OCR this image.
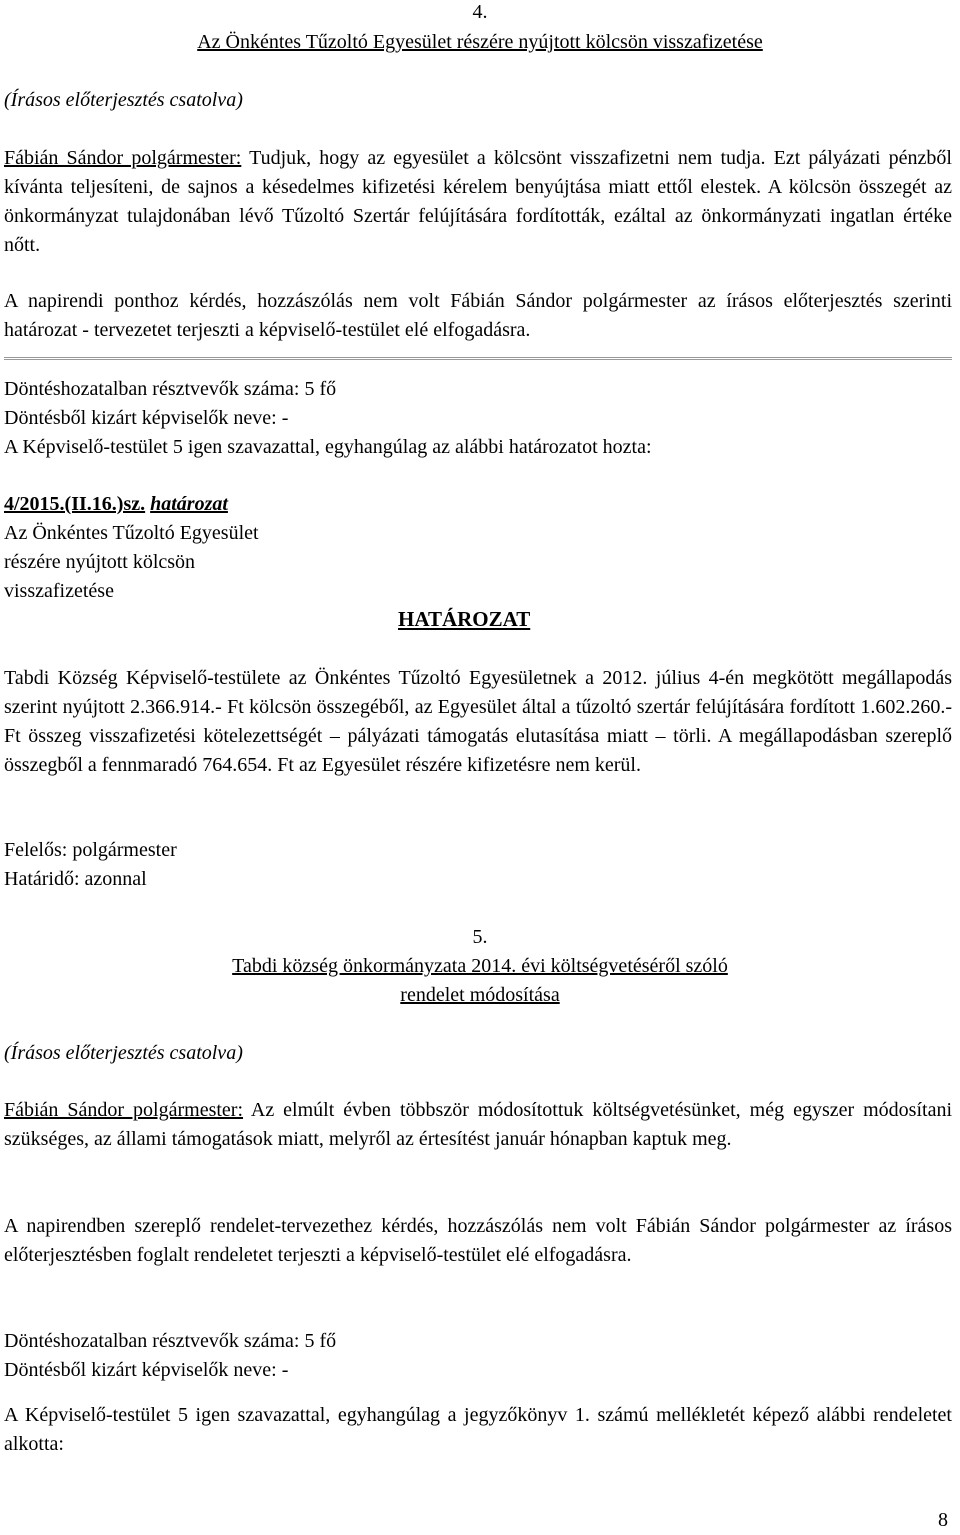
4.
Az Önkéntes Tűzoltó Egyesület részére nyújtott kölcsön visszafizetése
(Írásos előterjesztés csatolva)
Fábián Sándor polgármester: Tudjuk, hogy az egyesület a kölcsönt visszafizetni nem tudja. Ezt pályázati pénzből kívánta teljesíteni, de sajnos a késedelmes kifizetési kérelem benyújtása miatt ettől elestek. A kölcsön összegét az önkormányzat tulajdonában lévő Tűzoltó Szertár felújítására fordították, ezáltal az önkormányzati ingatlan értéke nőtt.
A napirendi ponthoz kérdés, hozzászólás nem volt Fábián Sándor polgármester az írásos előterjesztés szerinti határozat - tervezetet terjeszti a képviselő-testület elé elfogadásra.
Döntéshozatalban résztvevők száma: 5 fő
Döntésből kizárt képviselők neve: -
A Képviselő-testület 5 igen szavazattal, egyhangúlag az alábbi határozatot hozta:
4/2015.(II.16.)sz. határozat
Az Önkéntes Tűzoltó Egyesület
részére nyújtott kölcsön
visszafizetése
HATÁROZAT
Tabdi Község Képviselő-testülete az Önkéntes Tűzoltó Egyesületnek a 2012. július 4-én megkötött megállapodás szerint nyújtott 2.366.914.- Ft kölcsön összegéből, az Egyesület által a tűzoltó szertár felújítására fordított 1.602.260.- Ft összeg visszafizetési kötelezettségét – pályázati támogatás elutasítása miatt – törli. A megállapodásban szereplő összegből a fennmaradó 764.654. Ft az Egyesület részére kifizetésre nem kerül.
Felelős: polgármester
Határidő: azonnal
5.
Tabdi község önkormányzata 2014. évi költségvetéséről szóló
rendelet módosítása
(Írásos előterjesztés csatolva)
Fábián Sándor polgármester: Az elmúlt évben többször módosítottuk költségvetésünket, még egyszer módosítani szükséges, az állami támogatások miatt, melyről az értesítést január hónapban kaptuk meg.
A napirendben szereplő rendelet-tervezethez kérdés, hozzászólás nem volt Fábián Sándor polgármester az írásos előterjesztésben foglalt rendeletet terjeszti a képviselő-testület elé elfogadásra.
Döntéshozatalban résztvevők száma: 5 fő
Döntésből kizárt képviselők neve: -
A Képviselő-testület 5 igen szavazattal, egyhangúlag a jegyzőkönyv 1. számú mellékletét képező alábbi rendeletet alkotta:
8
